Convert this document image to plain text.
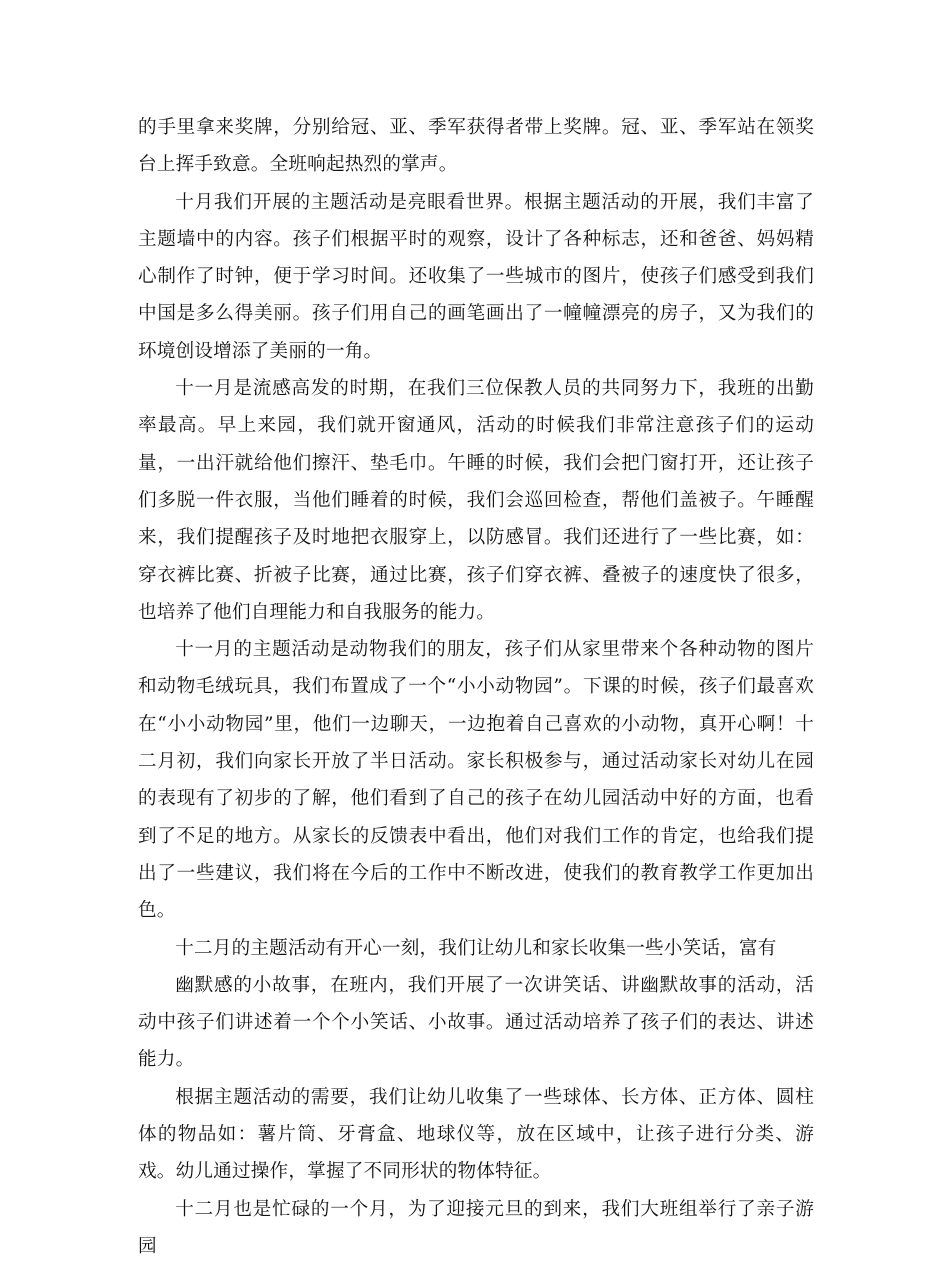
的手里拿来奖牌，分别给冠、亚、季军获得者带上奖牌。冠、亚、季军站在领奖台上挥手致意。全班响起热烈的掌声。

十月我们开展的主题活动是亮眼看世界。根据主题活动的开展，我们丰富了主题墙中的内容。孩子们根据平时的观察，设计了各种标志，还和爸爸、妈妈精心制作了时钟，便于学习时间。还收集了一些城市的图片，使孩子们感受到我们中国是多么得美丽。孩子们用自己的画笔画出了一幢幢漂亮的房子，又为我们的环境创设增添了美丽的一角。

十一月是流感高发的时期，在我们三位保教人员的共同努力下，我班的出勤率最高。早上来园，我们就开窗通风，活动的时候我们非常注意孩子们的运动量，一出汗就给他们擦汗、垫毛巾。午睡的时候，我们会把门窗打开，还让孩子们多脱一件衣服，当他们睡着的时候，我们会巡回检查，帮他们盖被子。午睡醒来，我们提醒孩子及时地把衣服穿上，以防感冒。我们还进行了一些比赛，如：穿衣裤比赛、折被子比赛，通过比赛，孩子们穿衣裤、叠被子的速度快了很多，也培养了他们自理能力和自我服务的能力。

十一月的主题活动是动物我们的朋友，孩子们从家里带来个各种动物的图片和动物毛绒玩具，我们布置成了一个“小小动物园”。下课的时候，孩子们最喜欢在“小小动物园”里，他们一边聊天，一边抱着自己喜欢的小动物，真开心啊！十二月初，我们向家长开放了半日活动。家长积极参与，通过活动家长对幼儿在园的表现有了初步的了解，他们看到了自己的孩子在幼儿园活动中好的方面，也看到了不足的地方。从家长的反馈表中看出，他们对我们工作的肯定，也给我们提出了一些建议，我们将在今后的工作中不断改进，使我们的教育教学工作更加出色。

十二月的主题活动有开心一刻，我们让幼儿和家长收集一些小笑话，富有

幽默感的小故事，在班内，我们开展了一次讲笑话、讲幽默故事的活动，活动中孩子们讲述着一个个小笑话、小故事。通过活动培养了孩子们的表达、讲述能力。

根据主题活动的需要，我们让幼儿收集了一些球体、长方体、正方体、圆柱体的物品如：薯片筒、牙膏盒、地球仪等，放在区域中，让孩子进行分类、游戏。幼儿通过操作，掌握了不同形状的物体特征。

十二月也是忙碌的一个月，为了迎接元旦的到来，我们大班组举行了亲子游园
